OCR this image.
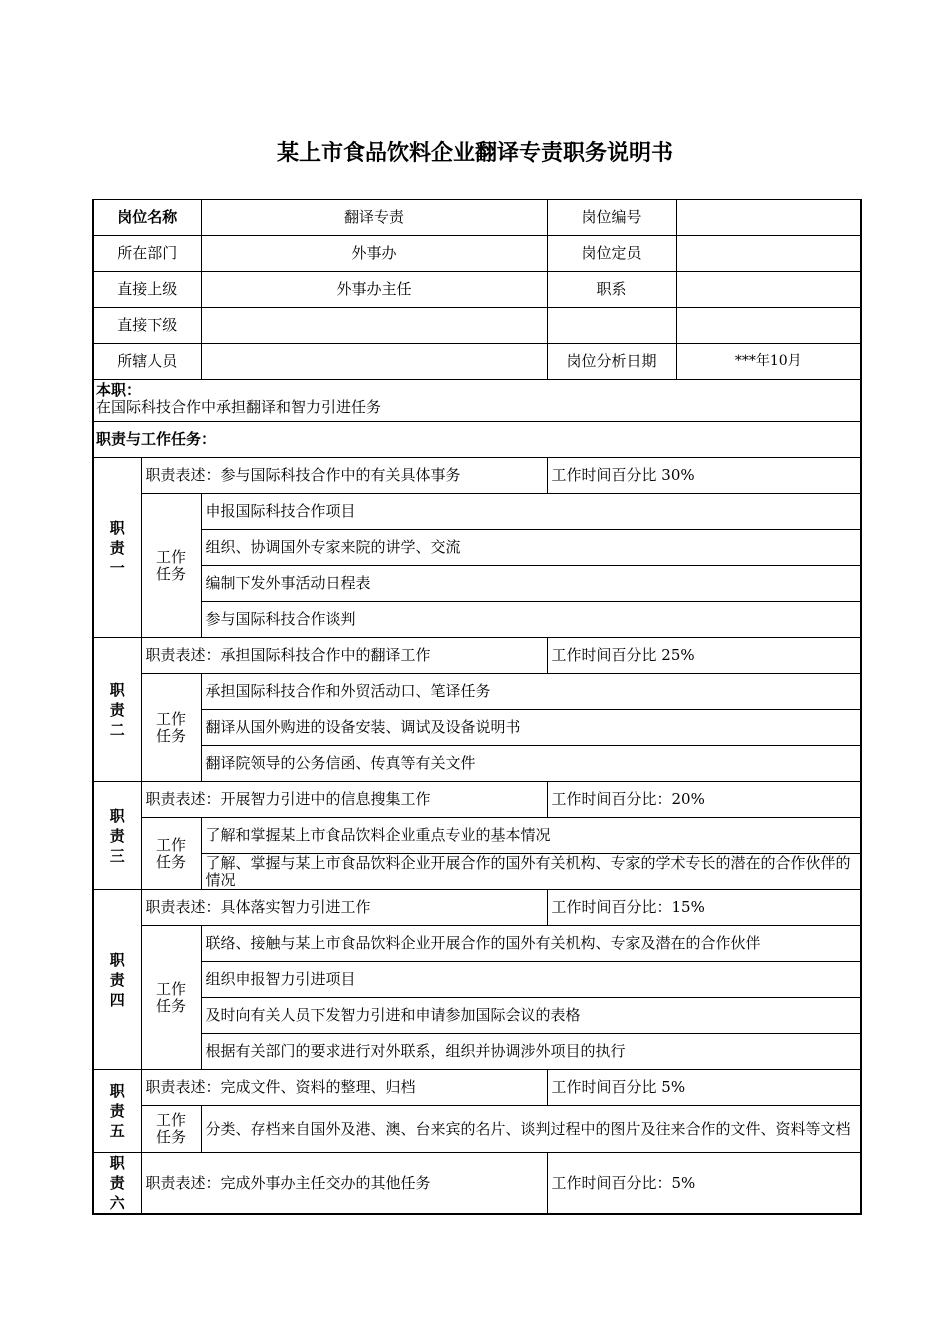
某上市食品饮料企业翻译专责职务说明书
岗位名称		翻译专责	岗位编号	
所在部门		外事办	岗位定员	
直接上级		外事办主任	职系	
直接下级				
所辖人员			岗位分析日期	***年10月

本职：
在国际科技合作中承担翻译和智力引进任务				

职责与工作任务：				

职
责
一	职责表述：参与国际科技合作中的有关具体事务		工作时间百分比 30%	

	工作
任务	申报国际科技合作项目		
		组织、协调国外专家来院的讲学、交流		
		编制下发外事活动日程表		
		参与国际科技合作谈判		

职
责
二	职责表述：承担国际科技合作中的翻译工作		工作时间百分比 25%	

	工作
任务	承担国际科技合作和外贸活动口、笔译任务		
		翻译从国外购进的设备安装、调试及设备说明书		
		翻译院领导的公务信函、传真等有关文件		

职
责
三	职责表述：开展智力引进中的信息搜集工作		工作时间百分比：20%	

	工作
任务	了解和掌握某上市食品饮料企业重点专业的基本情况		
		了解、掌握与某上市食品饮料企业开展合作的国外有关机构、专家的学术专长的潜在的合作伙伴的情况		

职
责
四	职责表述：具体落实智力引进工作		工作时间百分比：15%	

	工作
任务	联络、接触与某上市食品饮料企业开展合作的国外有关机构、专家及潜在的合作伙伴		
		组织申报智力引进项目		
		及时向有关人员下发智力引进和申请参加国际会议的表格		
		根据有关部门的要求进行对外联系，组织并协调涉外项目的执行		

职
责
五	职责表述：完成文件、资料的整理、归档		工作时间百分比 5%	

	工作
任务	分类、存档来自国外及港、澳、台来宾的名片、谈判过程中的图片及往来合作的文件、资料等文档		

职
责
六	职责表述：完成外事办主任交办的其他任务		工作时间百分比：5%	
